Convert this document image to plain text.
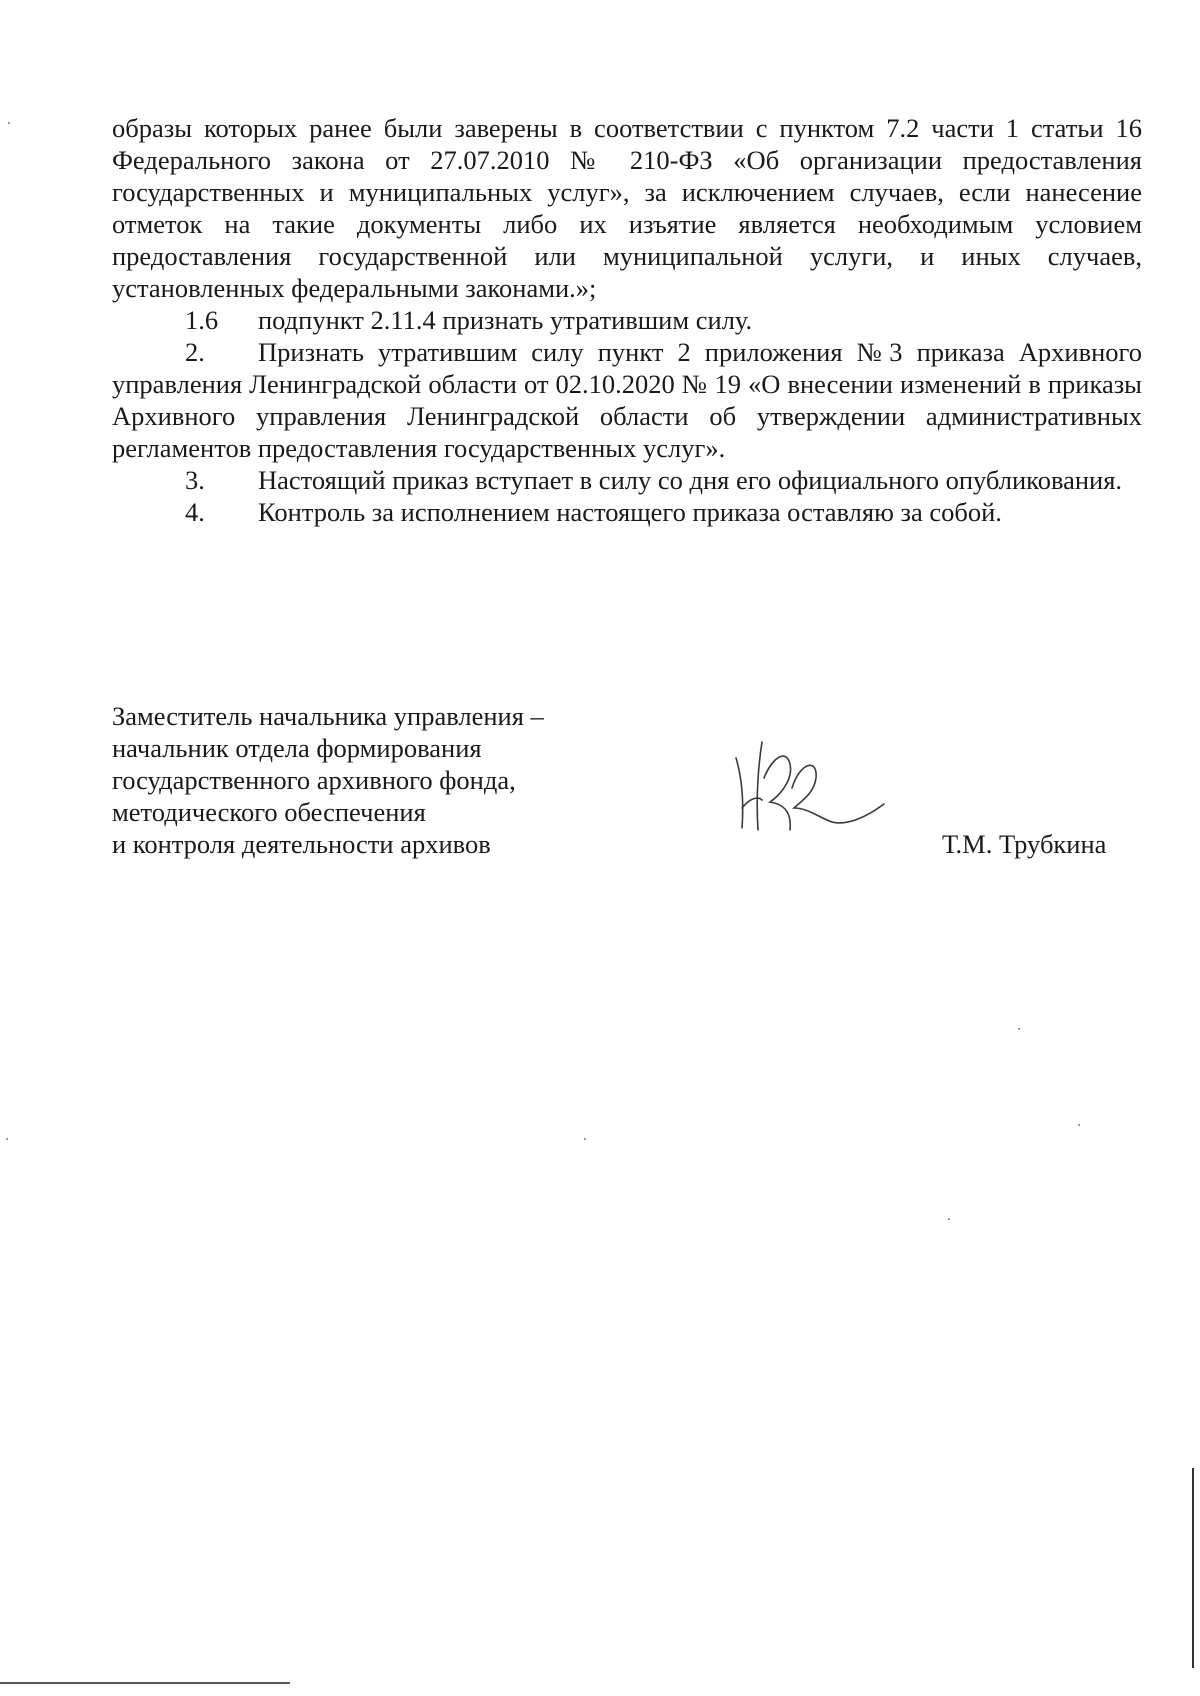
образы которых ранее были заверены в соответствии с пунктом 7.2 части 1 статьи 16 Федерального закона от 27.07.2010 № 210-ФЗ «Об организации предоставления государственных и муниципальных услуг», за исключением случаев, если нанесение отметок на такие документы либо их изъятие является необходимым условием предоставления государственной или муниципальной услуги, и иных случаев, установленных федеральными законами.»;

1.6 подпункт 2.11.4 признать утратившим силу.

2. Признать утратившим силу пункт 2 приложения №3 приказа Архивного управления Ленинградской области от 02.10.2020 № 19 «О внесении изменений в приказы Архивного управления Ленинградской области об утверждении административных регламентов предоставления государственных услуг».

3. Настоящий приказ вступает в силу со дня его официального опубликования.

4. Контроль за исполнением настоящего приказа оставляю за собой.

Заместитель начальника управления –
начальник отдела формирования
государственного архивного фонда,
методического обеспечения
и контроля деятельности архивов	Т.М. Трубкина
